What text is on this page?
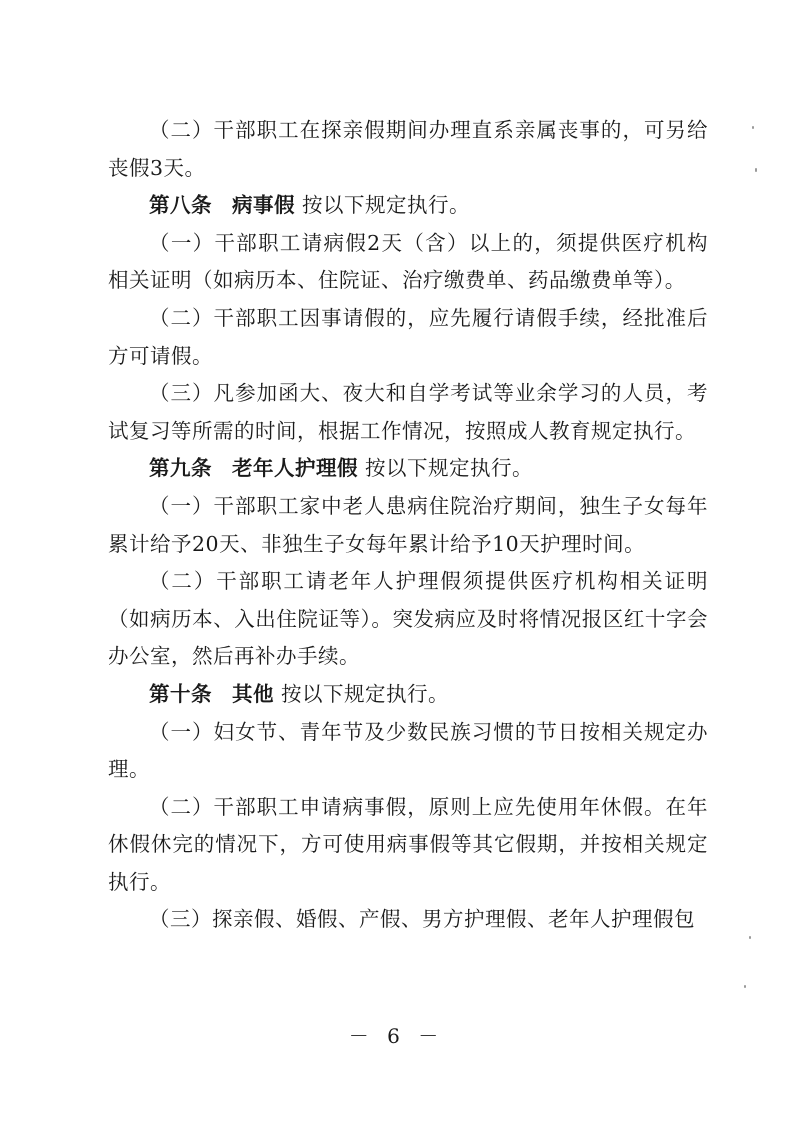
（二）干部职工在探亲假期间办理直系亲属丧事的，可另给丧假3天。

第八条 病事假 按以下规定执行。

（一）干部职工请病假2天（含）以上的，须提供医疗机构相关证明（如病历本、住院证、治疗缴费单、药品缴费单等）。

（二）干部职工因事请假的，应先履行请假手续，经批准后方可请假。

（三）凡参加函大、夜大和自学考试等业余学习的人员，考试复习等所需的时间，根据工作情况，按照成人教育规定执行。

第九条 老年人护理假 按以下规定执行。

（一）干部职工家中老人患病住院治疗期间，独生子女每年累计给予20天、非独生子女每年累计给予10天护理时间。

（二）干部职工请老年人护理假须提供医疗机构相关证明（如病历本、入出住院证等）。突发病应及时将情况报区红十字会办公室，然后再补办手续。

第十条 其他 按以下规定执行。

（一）妇女节、青年节及少数民族习惯的节日按相关规定办理。

（二）干部职工申请病事假，原则上应先使用年休假。在年休假休完的情况下，方可使用病事假等其它假期，并按相关规定执行。

（三）探亲假、婚假、产假、男方护理假、老年人护理假包

－ 6 －
